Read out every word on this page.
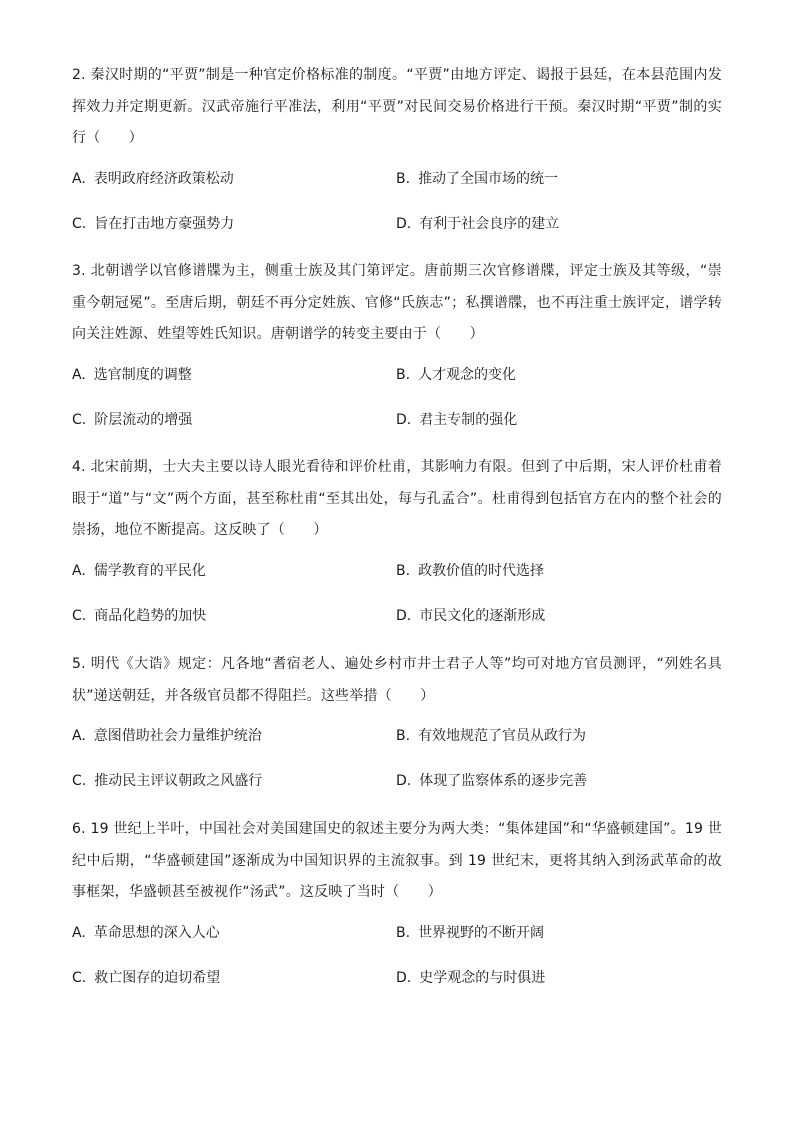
2. 秦汉时期的“平贾”制是一种官定价格标准的制度。“平贾”由地方评定、谒报于县廷，在本县范围内发挥效力并定期更新。汉武帝施行平准法，利用“平贾”对民间交易价格进行干预。秦汉时期“平贾”制的实行（　　）

A. 表明政府经济政策松动	B. 推动了全国市场的统一
C. 旨在打击地方豪强势力	D. 有利于社会良序的建立

3. 北朝谱学以官修谱牒为主，侧重士族及其门第评定。唐前期三次官修谱牒，评定士族及其等级，“崇重今朝冠冕”。至唐后期，朝廷不再分定姓族、官修“氏族志”；私撰谱牒，也不再注重士族评定，谱学转向关注姓源、姓望等姓氏知识。唐朝谱学的转变主要由于（　　）

A. 选官制度的调整	B. 人才观念的变化
C. 阶层流动的增强	D. 君主专制的强化

4. 北宋前期，士大夫主要以诗人眼光看待和评价杜甫，其影响力有限。但到了中后期，宋人评价杜甫着眼于“道”与“文”两个方面，甚至称杜甫“至其出处，每与孔孟合”。杜甫得到包括官方在内的整个社会的崇扬，地位不断提高。这反映了（　　）

A. 儒学教育的平民化	B. 政教价值的时代选择
C. 商品化趋势的加快	D. 市民文化的逐渐形成

5. 明代《大诰》规定：凡各地“耆宿老人、遍处乡村市井士君子人等”均可对地方官员测评，“列姓名具状”递送朝廷，并各级官员都不得阻拦。这些举措（　　）

A. 意图借助社会力量维护统治	B. 有效地规范了官员从政行为
C. 推动民主评议朝政之风盛行	D. 体现了监察体系的逐步完善

6. 19 世纪上半叶，中国社会对美国建国史的叙述主要分为两大类：“集体建国”和“华盛顿建国”。19 世纪中后期，“华盛顿建国”逐渐成为中国知识界的主流叙事。到 19 世纪末，更将其纳入到汤武革命的故事框架，华盛顿甚至被视作“汤武”。这反映了当时（　　）

A. 革命思想的深入人心	B. 世界视野的不断开阔
C. 救亡图存的迫切希望	D. 史学观念的与时俱进
